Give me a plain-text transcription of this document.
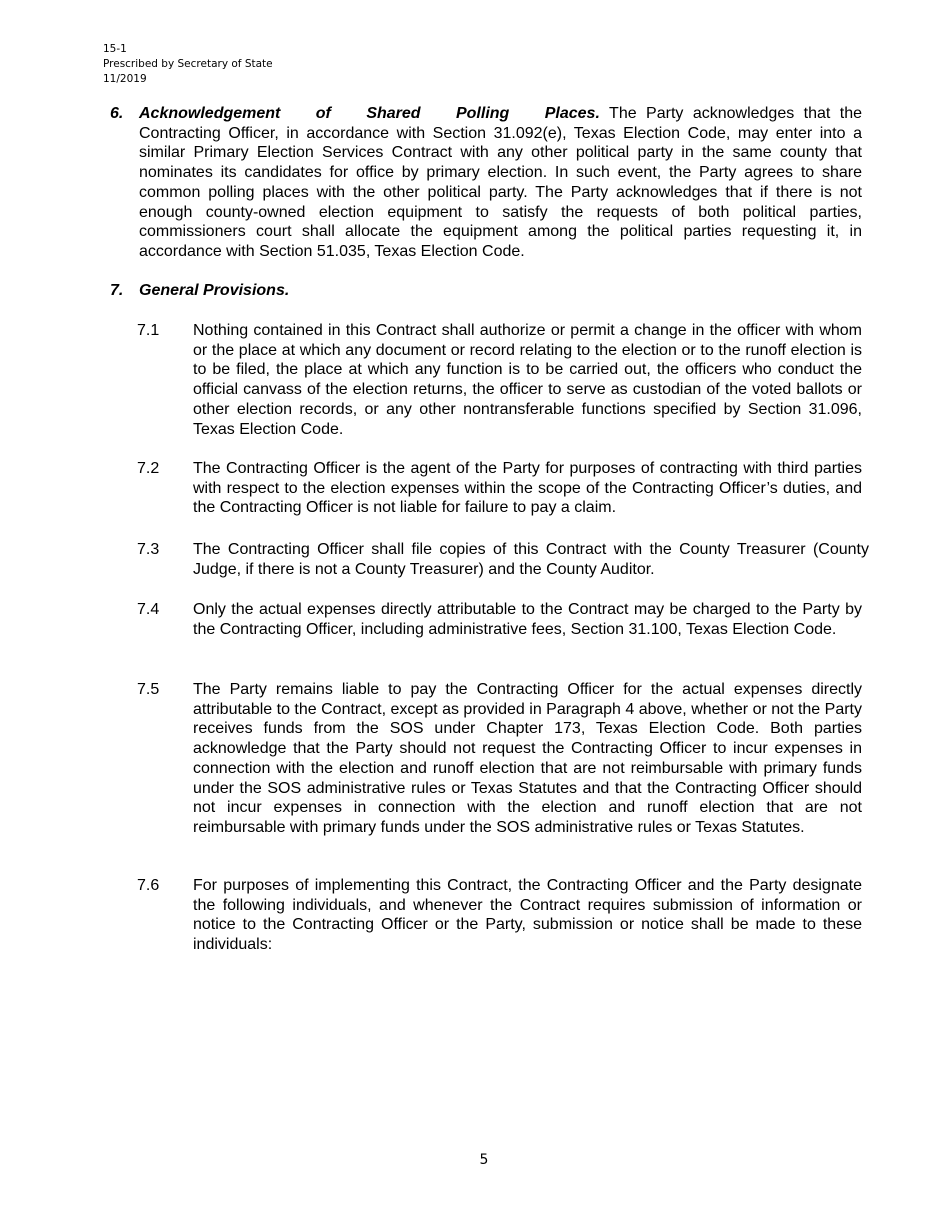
15-1
Prescribed by Secretary of State
11/2019
6. Acknowledgement of Shared Polling Places. The Party acknowledges that the Contracting Officer, in accordance with Section 31.092(e), Texas Election Code, may enter into a similar Primary Election Services Contract with any other political party in the same county that nominates its candidates for office by primary election. In such event, the Party agrees to share common polling places with the other political party. The Party acknowledges that if there is not enough county-owned election equipment to satisfy the requests of both political parties, commissioners court shall allocate the equipment among the political parties requesting it, in accordance with Section 51.035, Texas Election Code.
7. General Provisions.
7.1 Nothing contained in this Contract shall authorize or permit a change in the officer with whom or the place at which any document or record relating to the election or to the runoff election is to be filed, the place at which any function is to be carried out, the officers who conduct the official canvass of the election returns, the officer to serve as custodian of the voted ballots or other election records, or any other nontransferable functions specified by Section 31.096, Texas Election Code.
7.2 The Contracting Officer is the agent of the Party for purposes of contracting with third parties with respect to the election expenses within the scope of the Contracting Officer’s duties, and the Contracting Officer is not liable for failure to pay a claim.
7.3 The Contracting Officer shall file copies of this Contract with the County Treasurer (County Judge, if there is not a County Treasurer) and the County Auditor.
7.4 Only the actual expenses directly attributable to the Contract may be charged to the Party by the Contracting Officer, including administrative fees, Section 31.100, Texas Election Code.
7.5 The Party remains liable to pay the Contracting Officer for the actual expenses directly attributable to the Contract, except as provided in Paragraph 4 above, whether or not the Party receives funds from the SOS under Chapter 173, Texas Election Code. Both parties acknowledge that the Party should not request the Contracting Officer to incur expenses in connection with the election and runoff election that are not reimbursable with primary funds under the SOS administrative rules or Texas Statutes and that the Contracting Officer should not incur expenses in connection with the election and runoff election that are not reimbursable with primary funds under the SOS administrative rules or Texas Statutes.
7.6 For purposes of implementing this Contract, the Contracting Officer and the Party designate the following individuals, and whenever the Contract requires submission of information or notice to the Contracting Officer or the Party, submission or notice shall be made to these individuals:
5
